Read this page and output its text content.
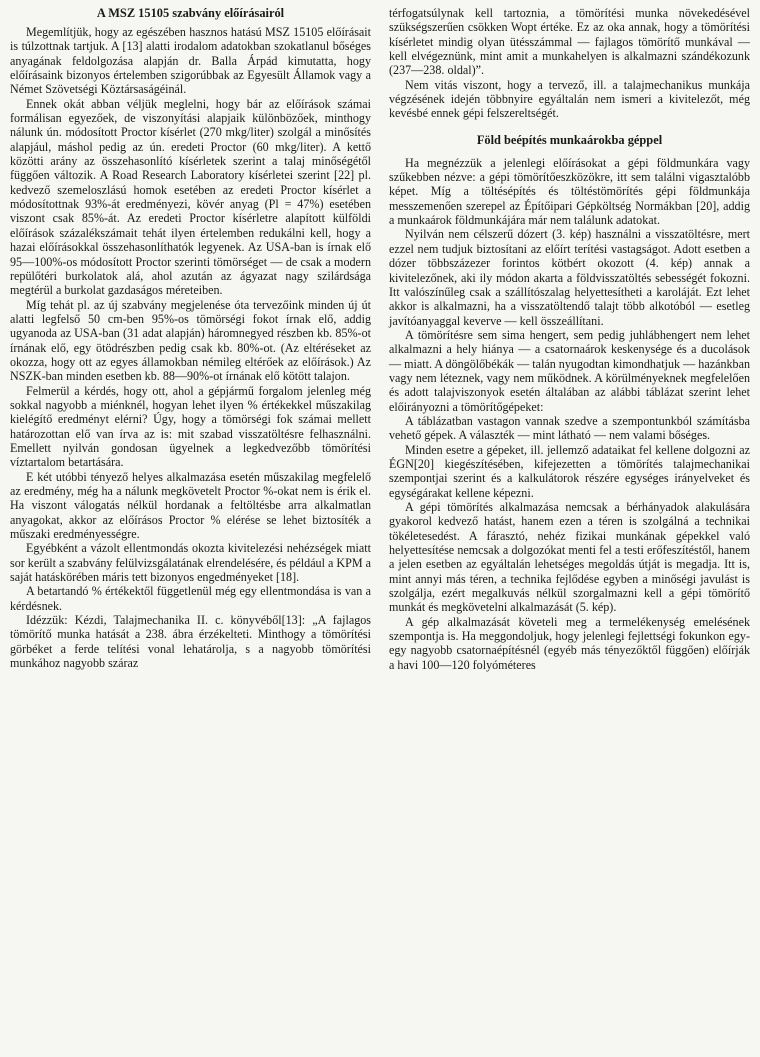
A MSZ 15105 szabvány előírásairól

Megemlítjük, hogy az egészében hasznos hatású MSZ 15105 előírásait is túlzottnak tartjuk. A [13] alatti irodalom adatokban szokatlanul bőséges anyagának feldolgozása alapján dr. Balla Árpád kimutatta, hogy előírásaink bizonyos értelemben szigorúbbak az Egyesült Államok vagy a Német Szövetségi Köztársaságéinál.

Ennek okát abban véljük meglelni, hogy bár az előírások számai formálisan egyezőek, de viszonyítási alapjaik különbözőek, minthogy nálunk ún. módosított Proctor kísérlet (270 mkg/liter) szolgál a minősítés alapjául, máshol pedig az ún. eredeti Proctor (60 mkg/liter). A kettő közötti arány az összehasonlító kísérletek szerint a talaj minőségétől függően változik. A Road Research Laboratory kísérletei szerint [22] pl. kedvező szemeloszlású homok esetében az eredeti Proctor kísérlet a módosítottnak 93%-át eredményezi, kövér anyag (Pl = 47%) esetében viszont csak 85%-át. Az eredeti Proctor kísérletre alapított külföldi előírások százalékszámait tehát ilyen értelemben redukálni kell, hogy a hazai előírásokkal összehasonlíthatók legyenek. Az USA-ban is írnak elő 95—100%-os módosított Proctor szerinti tömörséget — de csak a modern repülőtéri burkolatok alá, ahol azután az ágyazat nagy szilárdsága megtérül a burkolat gazdaságos méreteiben.

Míg tehát pl. az új szabvány megjelenése óta tervezőink minden új út alatti legfelső 50 cm-ben 95%-os tömörségi fokot írnak elő, addig ugyanoda az USA-ban (31 adat alapján) háromnegyed részben kb. 85%-ot írnának elő, egy ötödrészben pedig csak kb. 80%-ot. (Az eltéréseket az okozza, hogy ott az egyes államokban némileg eltérőek az előírások.) Az NSZK-ban minden esetben kb. 88—90%-ot írnának elő kötött talajon.

Felmerül a kérdés, hogy ott, ahol a gépjármű forgalom jelenleg még sokkal nagyobb a miénknél, hogyan lehet ilyen % értékekkel műszakilag kielégítő eredményt elérni? Úgy, hogy a tömörségi fok számai mellett határozottan elő van írva az is: mit szabad visszatöltésre felhasználni. Emellett nyilván gondosan ügyelnek a legkedvezőbb tömörítési víztartalom betartására.

E két utóbbi tényező helyes alkalmazása esetén műszakilag megfelelő az eredmény, még ha a nálunk megkövetelt Proctor %-okat nem is érik el. Ha viszont válogatás nélkül hordanak a feltöltésbe arra alkalmatlan anyagokat, akkor az előírásos Proctor % elérése se lehet biztosíték a műszaki eredményességre.

Egyébként a vázolt ellentmondás okozta kivitelezési nehézségek miatt sor került a szabvány felülvizsgálatának elrendelésére, és például a KPM a saját hatáskörében máris tett bizonyos engedményeket [18].

A betartandó % értékektől függetlenül még egy ellentmondása is van a kérdésnek.

Idézzük: Kézdi, Talajmechanika II. c. könyvéből[13]: „A fajlagos tömörítő munka hatását a 238. ábra érzékelteti. Minthogy a tömörítési görbéket a ferde telítési vonal lehatárolja, s a nagyobb tömörítési munkához nagyobb száraz

térfogatsúlynak kell tartoznia, a tömörítési munka növekedésével szükségszerűen csökken Wopt értéke. Ez az oka annak, hogy a tömörítési kísérletet mindig olyan ütésszámmal — fajlagos tömörítő munkával — kell elvégeznünk, mint amit a munkahelyen is alkalmazni szándékozunk (237—238. oldal)”.

Nem vitás viszont, hogy a tervező, ill. a talajmechanikus munkája végzésének idején többnyire egyáltalán nem ismeri a kivitelezőt, még kevésbé ennek gépi felszereltségét.

Föld beépítés munkaárokba géppel

Ha megnézzük a jelenlegi előírásokat a gépi földmunkára vagy szűkebben nézve: a gépi tömörítőeszközökre, itt sem találni vigasztalóbb képet. Míg a töltésépítés és töltéstömörítés gépi földmunkája messzemenően szerepel az Építőipari Gépköltség Normákban [20], addig a munkaárok földmunkájára már nem találunk adatokat.

Nyilván nem célszerű dózert (3. kép) használni a visszatöltésre, mert ezzel nem tudjuk biztosítani az előírt terítési vastagságot. Adott esetben a dózer többszázezer forintos kötbért okozott (4. kép) annak a kivitelezőnek, aki ily módon akarta a földvisszatöltés sebességét fokozni. Itt valószínűleg csak a szállítószalag helyettesítheti a karoláját. Ezt lehet akkor is alkalmazni, ha a visszatöltendő talajt több alkotóból — esetleg javítóanyaggal keverve — kell összeállítani.

A tömörítésre sem sima hengert, sem pedig juhlábhengert nem lehet alkalmazni a hely hiánya — a csatornaárok keskenysége és a ducolások — miatt. A döngölőbékák — talán nyugodtan kimondhatjuk — hazánkban vagy nem léteznek, vagy nem működnek. A körülményeknek megfelelően és adott talajviszonyok esetén általában az alábbi táblázat szerint lehet előirányozni a tömörítőgépeket:

A táblázatban vastagon vannak szedve a szempontunkból számításba vehető gépek. A választék — mint látható — nem valami bőséges.

Minden esetre a gépeket, ill. jellemző adataikat fel kellene dolgozni az ÉGN[20] kiegészítésében, kifejezetten a tömörítés talajmechanikai szempontjai szerint és a kalkulátorok részére egységes irányelveket és egységárakat kellene képezni.

A gépi tömörítés alkalmazása nemcsak a bérhányadok alakulására gyakorol kedvező hatást, hanem ezen a téren is szolgálná a technikai tökéletesedést. A fárasztó, nehéz fizikai munkának gépekkel való helyettesítése nemcsak a dolgozókat menti fel a testi erőfeszítéstől, hanem a jelen esetben az egyáltalán lehetséges megoldás útját is megadja. Itt is, mint annyi más téren, a technika fejlődése egyben a minőségi javulást is szolgálja, ezért megalkuvás nélkül szorgalmazni kell a gépi tömörítő munkát és megkövetelni alkalmazását (5. kép).

A gép alkalmazását követeli meg a termelékenység emelésének szempontja is. Ha meggondoljuk, hogy jelenlegi fejlettségi fokunkon egy-egy nagyobb csatornaépítésnél (egyéb más tényezőktől függően) előírják a havi 100—120 folyóméteres
